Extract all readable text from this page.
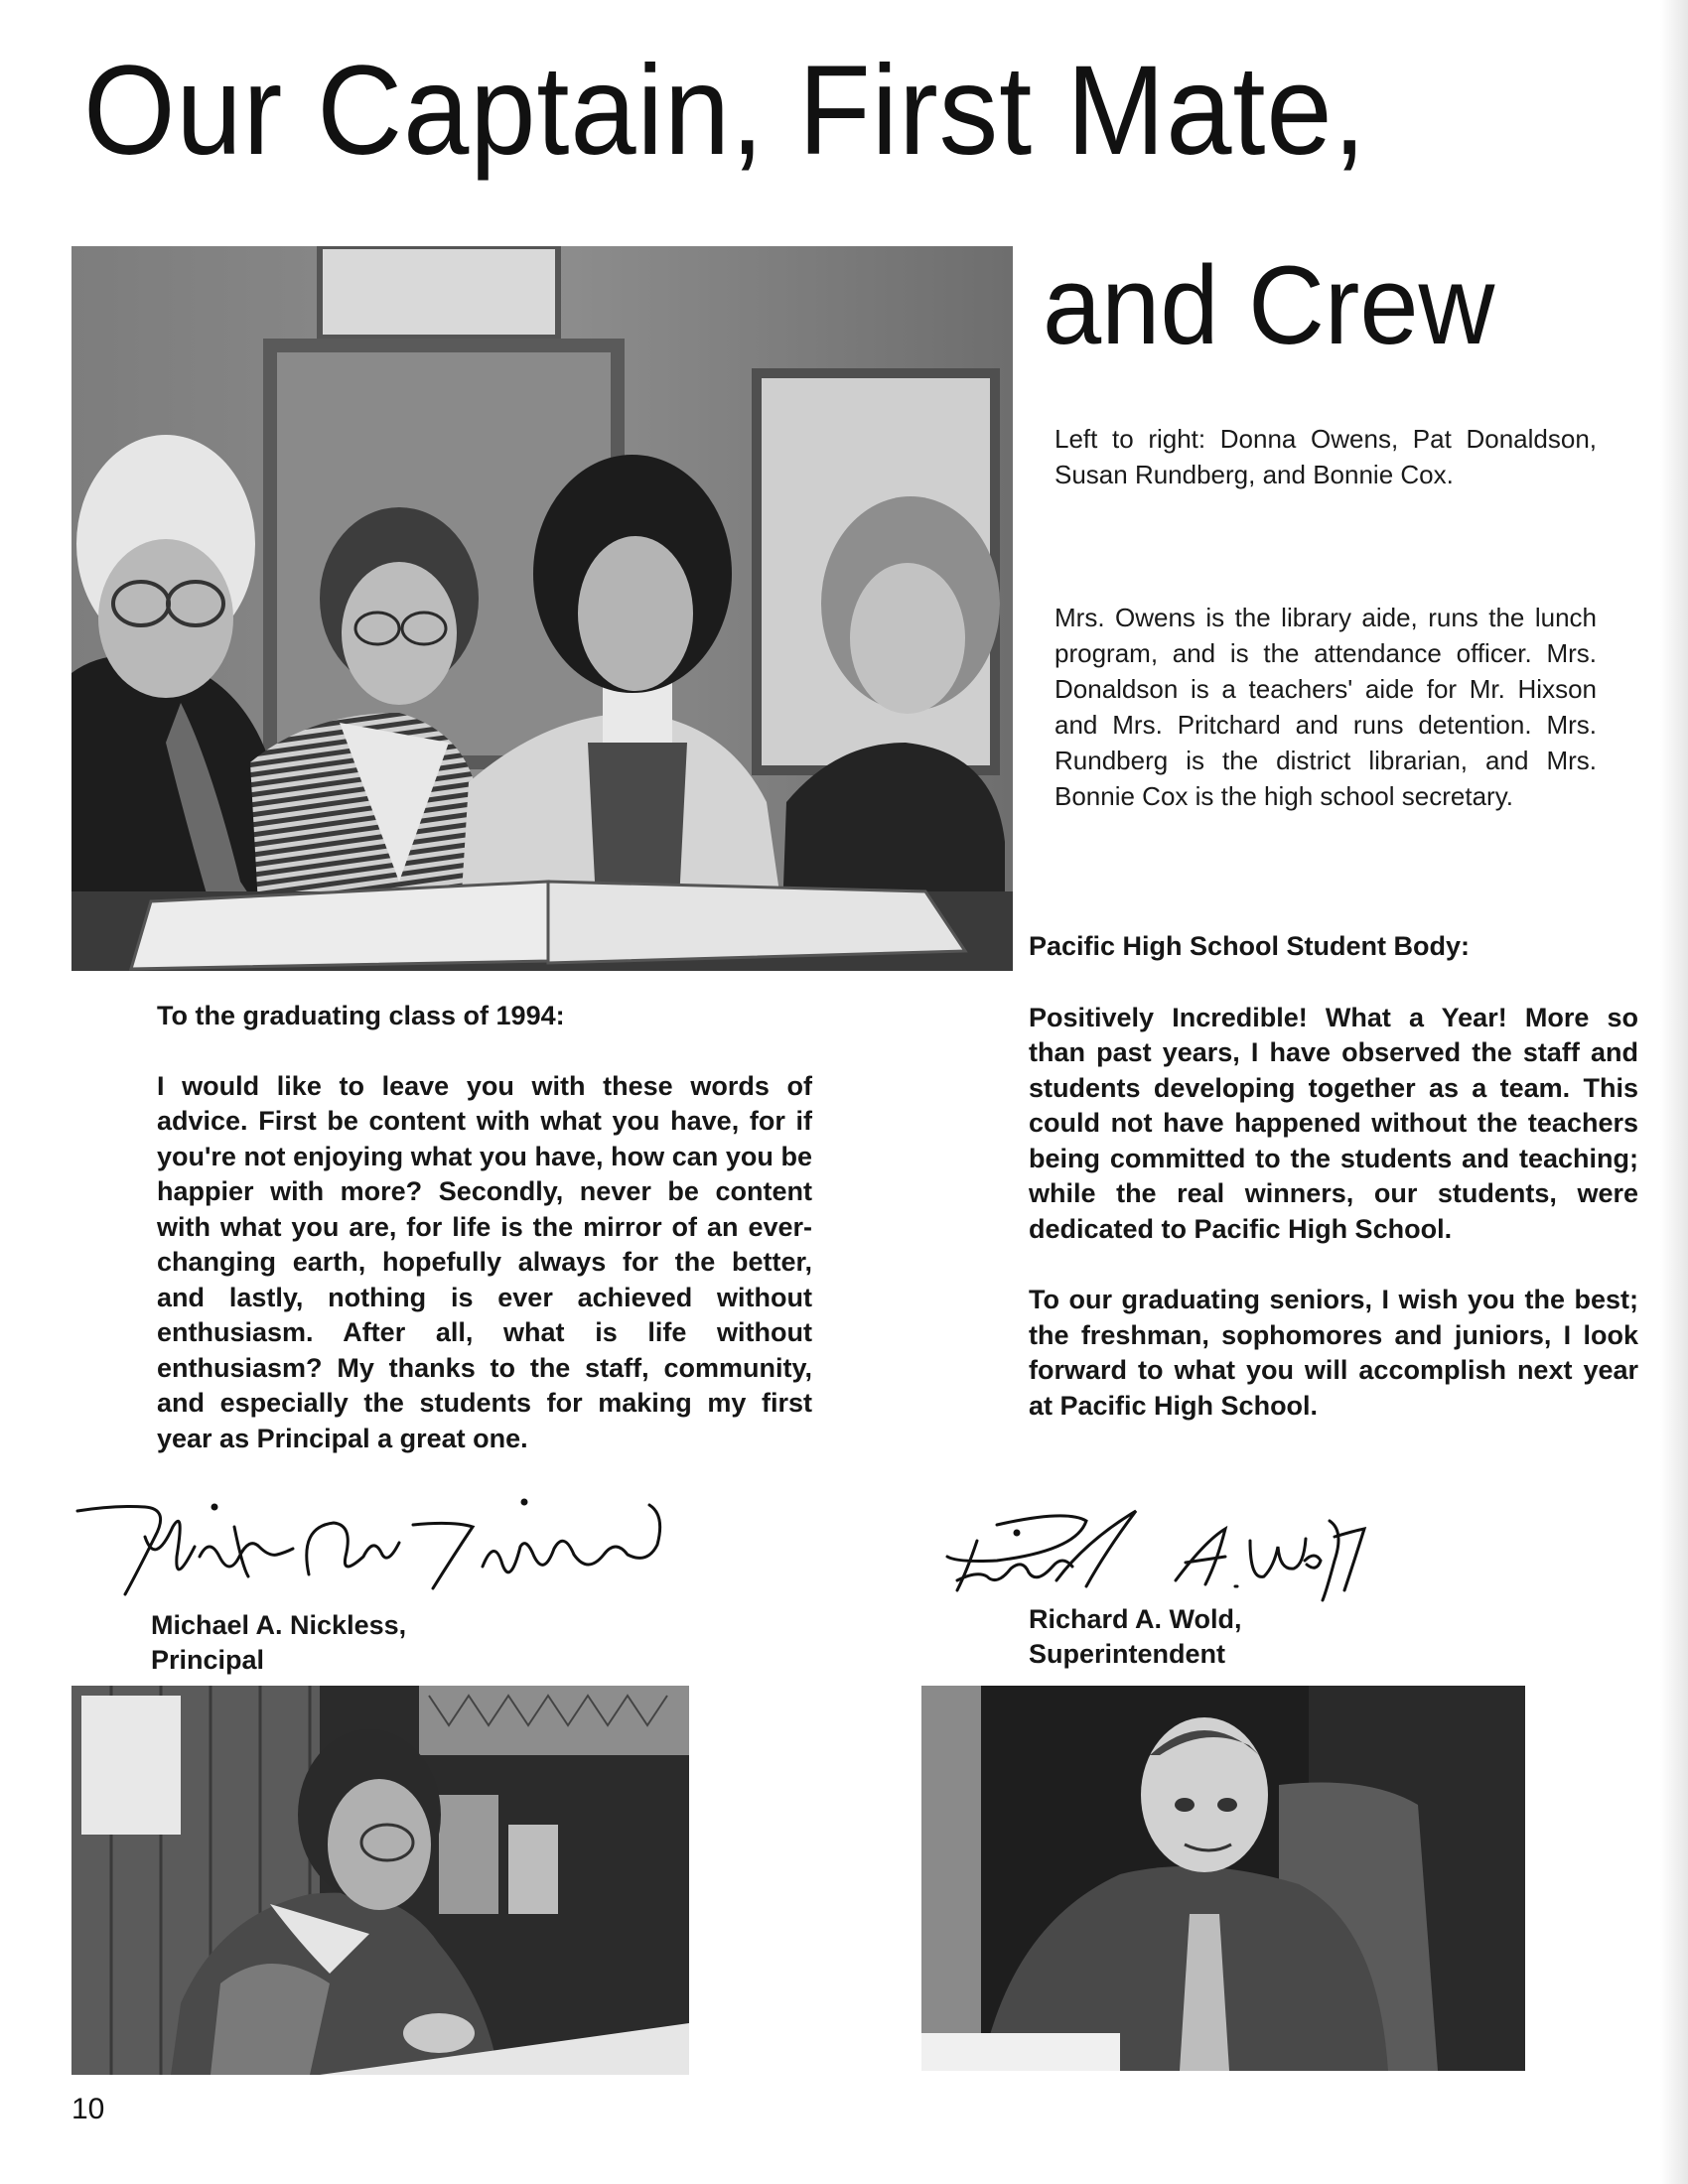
Our Captain, First Mate,
and Crew

Left to right: Donna Owens, Pat Donaldson, Susan Rundberg, and Bonnie Cox.

Mrs. Owens is the library aide, runs the lunch program, and is the attendance officer. Mrs. Donaldson is a teachers' aide for Mr. Hixson and Mrs. Pritchard and runs detention. Mrs. Rundberg is the district librarian, and Mrs. Bonnie Cox is the high school secretary.

To the graduating class of 1994:

I would like to leave you with these words of advice. First be content with what you have, for if you're not enjoying what you have, how can you be happier with more? Secondly, never be content with what you are, for life is the mirror of an ever-changing earth, hopefully always for the better, and lastly, nothing is ever achieved without enthusiasm. After all, what is life without enthusiasm? My thanks to the staff, community, and especially the students for making my first year as Principal a great one.

Michael A. Nickless,
Principal

Pacific High School Student Body:

Positively Incredible! What a Year! More so than past years, I have observed the staff and students developing together as a team. This could not have happened without the teachers being committed to the students and teaching; while the real winners, our students, were dedicated to Pacific High School.

To our graduating seniors, I wish you the best; the freshman, sophomores and juniors, I look forward to what you will accomplish next year at Pacific High School.

Richard A. Wold,
Superintendent
10
